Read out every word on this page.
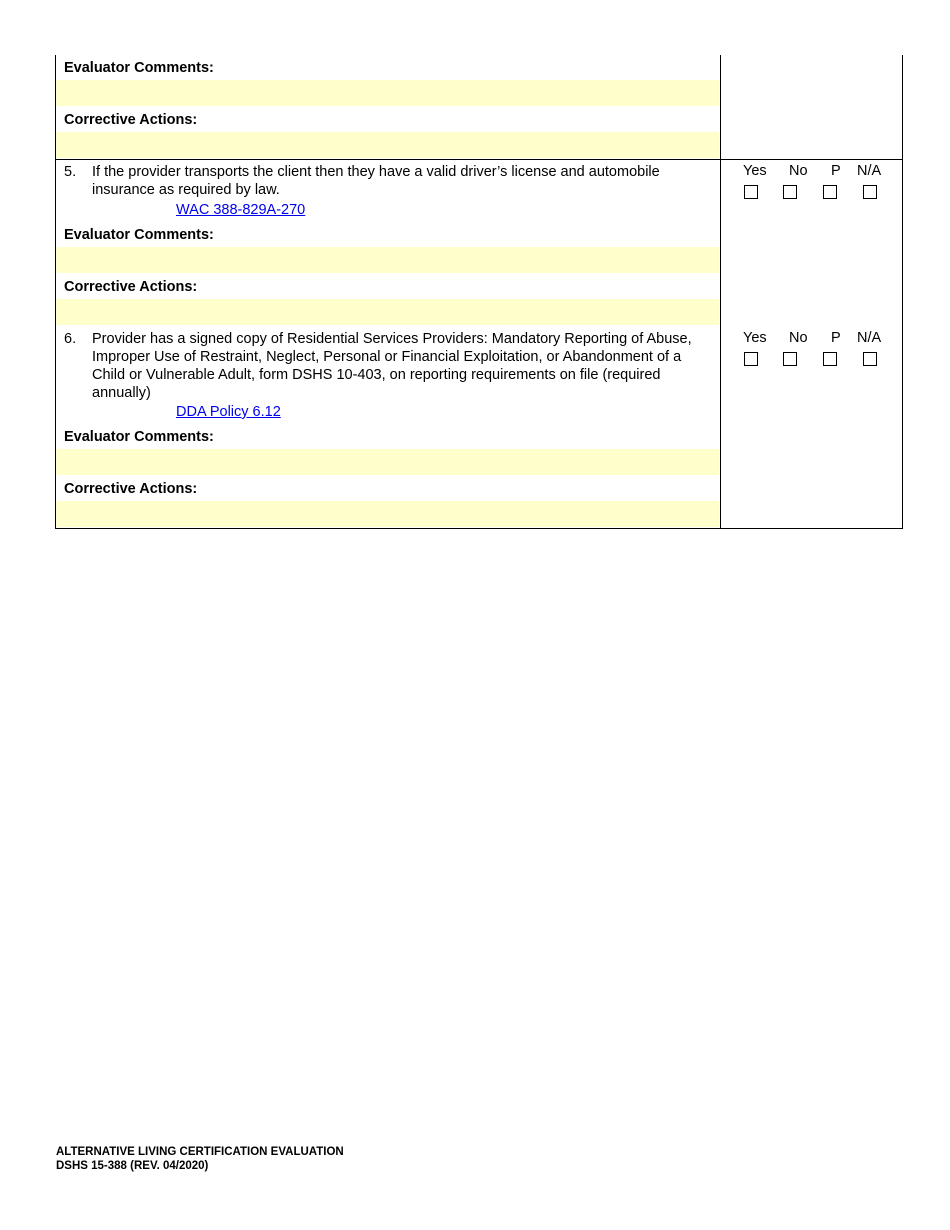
Evaluator Comments:
Corrective Actions:
5. If the provider transports the client then they have a valid driver’s license and automobile insurance as required by law.
WAC 388-829A-270
Yes No P N/A
Evaluator Comments:
Corrective Actions:
6. Provider has a signed copy of Residential Services Providers: Mandatory Reporting of Abuse, Improper Use of Restraint, Neglect, Personal or Financial Exploitation, or Abandonment of a Child or Vulnerable Adult, form DSHS 10-403, on reporting requirements on file (required annually)
DDA Policy 6.12
Yes No P N/A
Evaluator Comments:
Corrective Actions:
ALTERNATIVE LIVING CERTIFICATION EVALUATION
DSHS 15-388 (REV. 04/2020)
